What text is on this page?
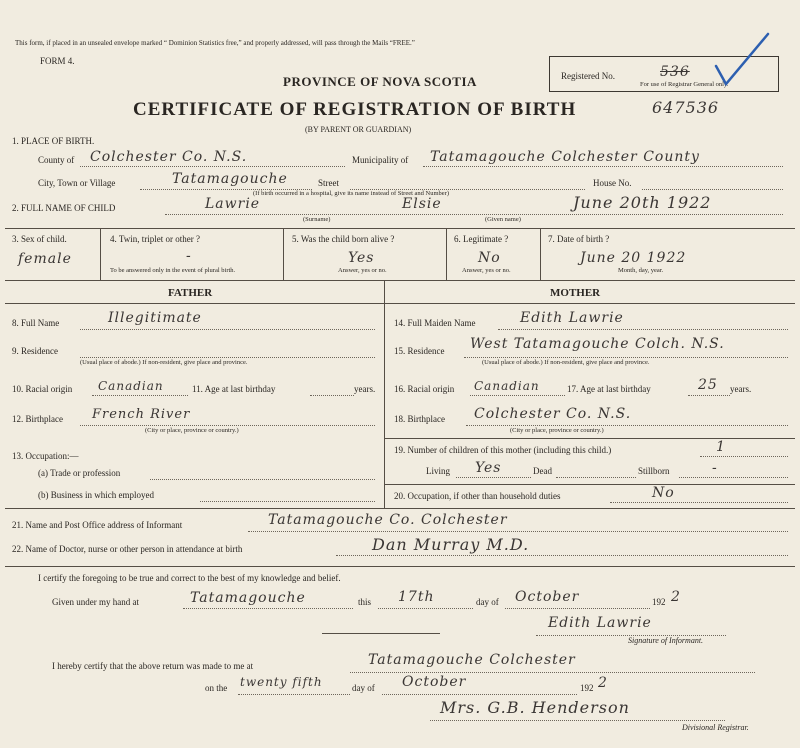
This form, if placed in an unsealed envelope marked “ Dominion Statistics free,” and properly addressed, will pass through the Mails “FREE.”
FORM 4.
PROVINCE OF NOVA SCOTIA
CERTIFICATE OF REGISTRATION OF BIRTH	647536
(BY PARENT OR GUARDIAN)
Registered No.	536
For use of Registrar General only.
1. PLACE OF BIRTH.
County of Colchester Co. N.S.	Municipality of Tatamagouche Colchester County
City, Town or Village	Tatamagouche	Street
(If birth occurred in a hospital, give its name instead of Street and Number)
House No.
2. FULL NAME OF CHILD	Lawrie	Elsie	June 20th 1922
(Surname)	(Given name)
3. Sex of child.
female
4. Twin, triplet or other ?
-
To be answered only in the event of plural birth.
5. Was the child born alive ?
Yes
Answer, yes or no.
6. Legitimate ?
No
Answer, yes or no.
7. Date of birth ?
June 20 1922
Month, day, year.
FATHER	MOTHER
8. Full Name	Illegitimate
9. Residence
(Usual place of abode.) If non-resident, give place and province.
10. Racial origin Canadian	11. Age at last birthday	years.
12. Birthplace French River
(City or place, province or country.)
13. Occupation:—
(a) Trade or profession
(b) Business in which employed
14. Full Maiden Name	Edith Lawrie
15. Residence West Tatamagouche Colch. N.S.
(Usual place of abode.) If non-resident, give place and province.
16. Racial origin Canadian	17. Age at last birthday	25 years.
18. Birthplace Colchester Co. N.S.
(City or place, province or country.)
19. Number of children of this mother (including this child.)	1
Living Yes	Dead	Stillborn	-
20. Occupation, if other than household duties	No
21. Name and Post Office address of Informant	Tatamagouche Co. Colchester
22. Name of Doctor, nurse or other person in attendance at birth	Dan Murray M.D.
I certify the foregoing to be true and correct to the best of my knowledge and belief.
Given under my hand at	Tatamagouche	this 17th	day of October	192 2
Edith Lawrie
Signature of Informant.
I hereby certify that the above return was made to me at	Tatamagouche Colchester
on the twenty fifth	day of October	192 2
Mrs. G.B. Henderson
Divisional Registrar.
